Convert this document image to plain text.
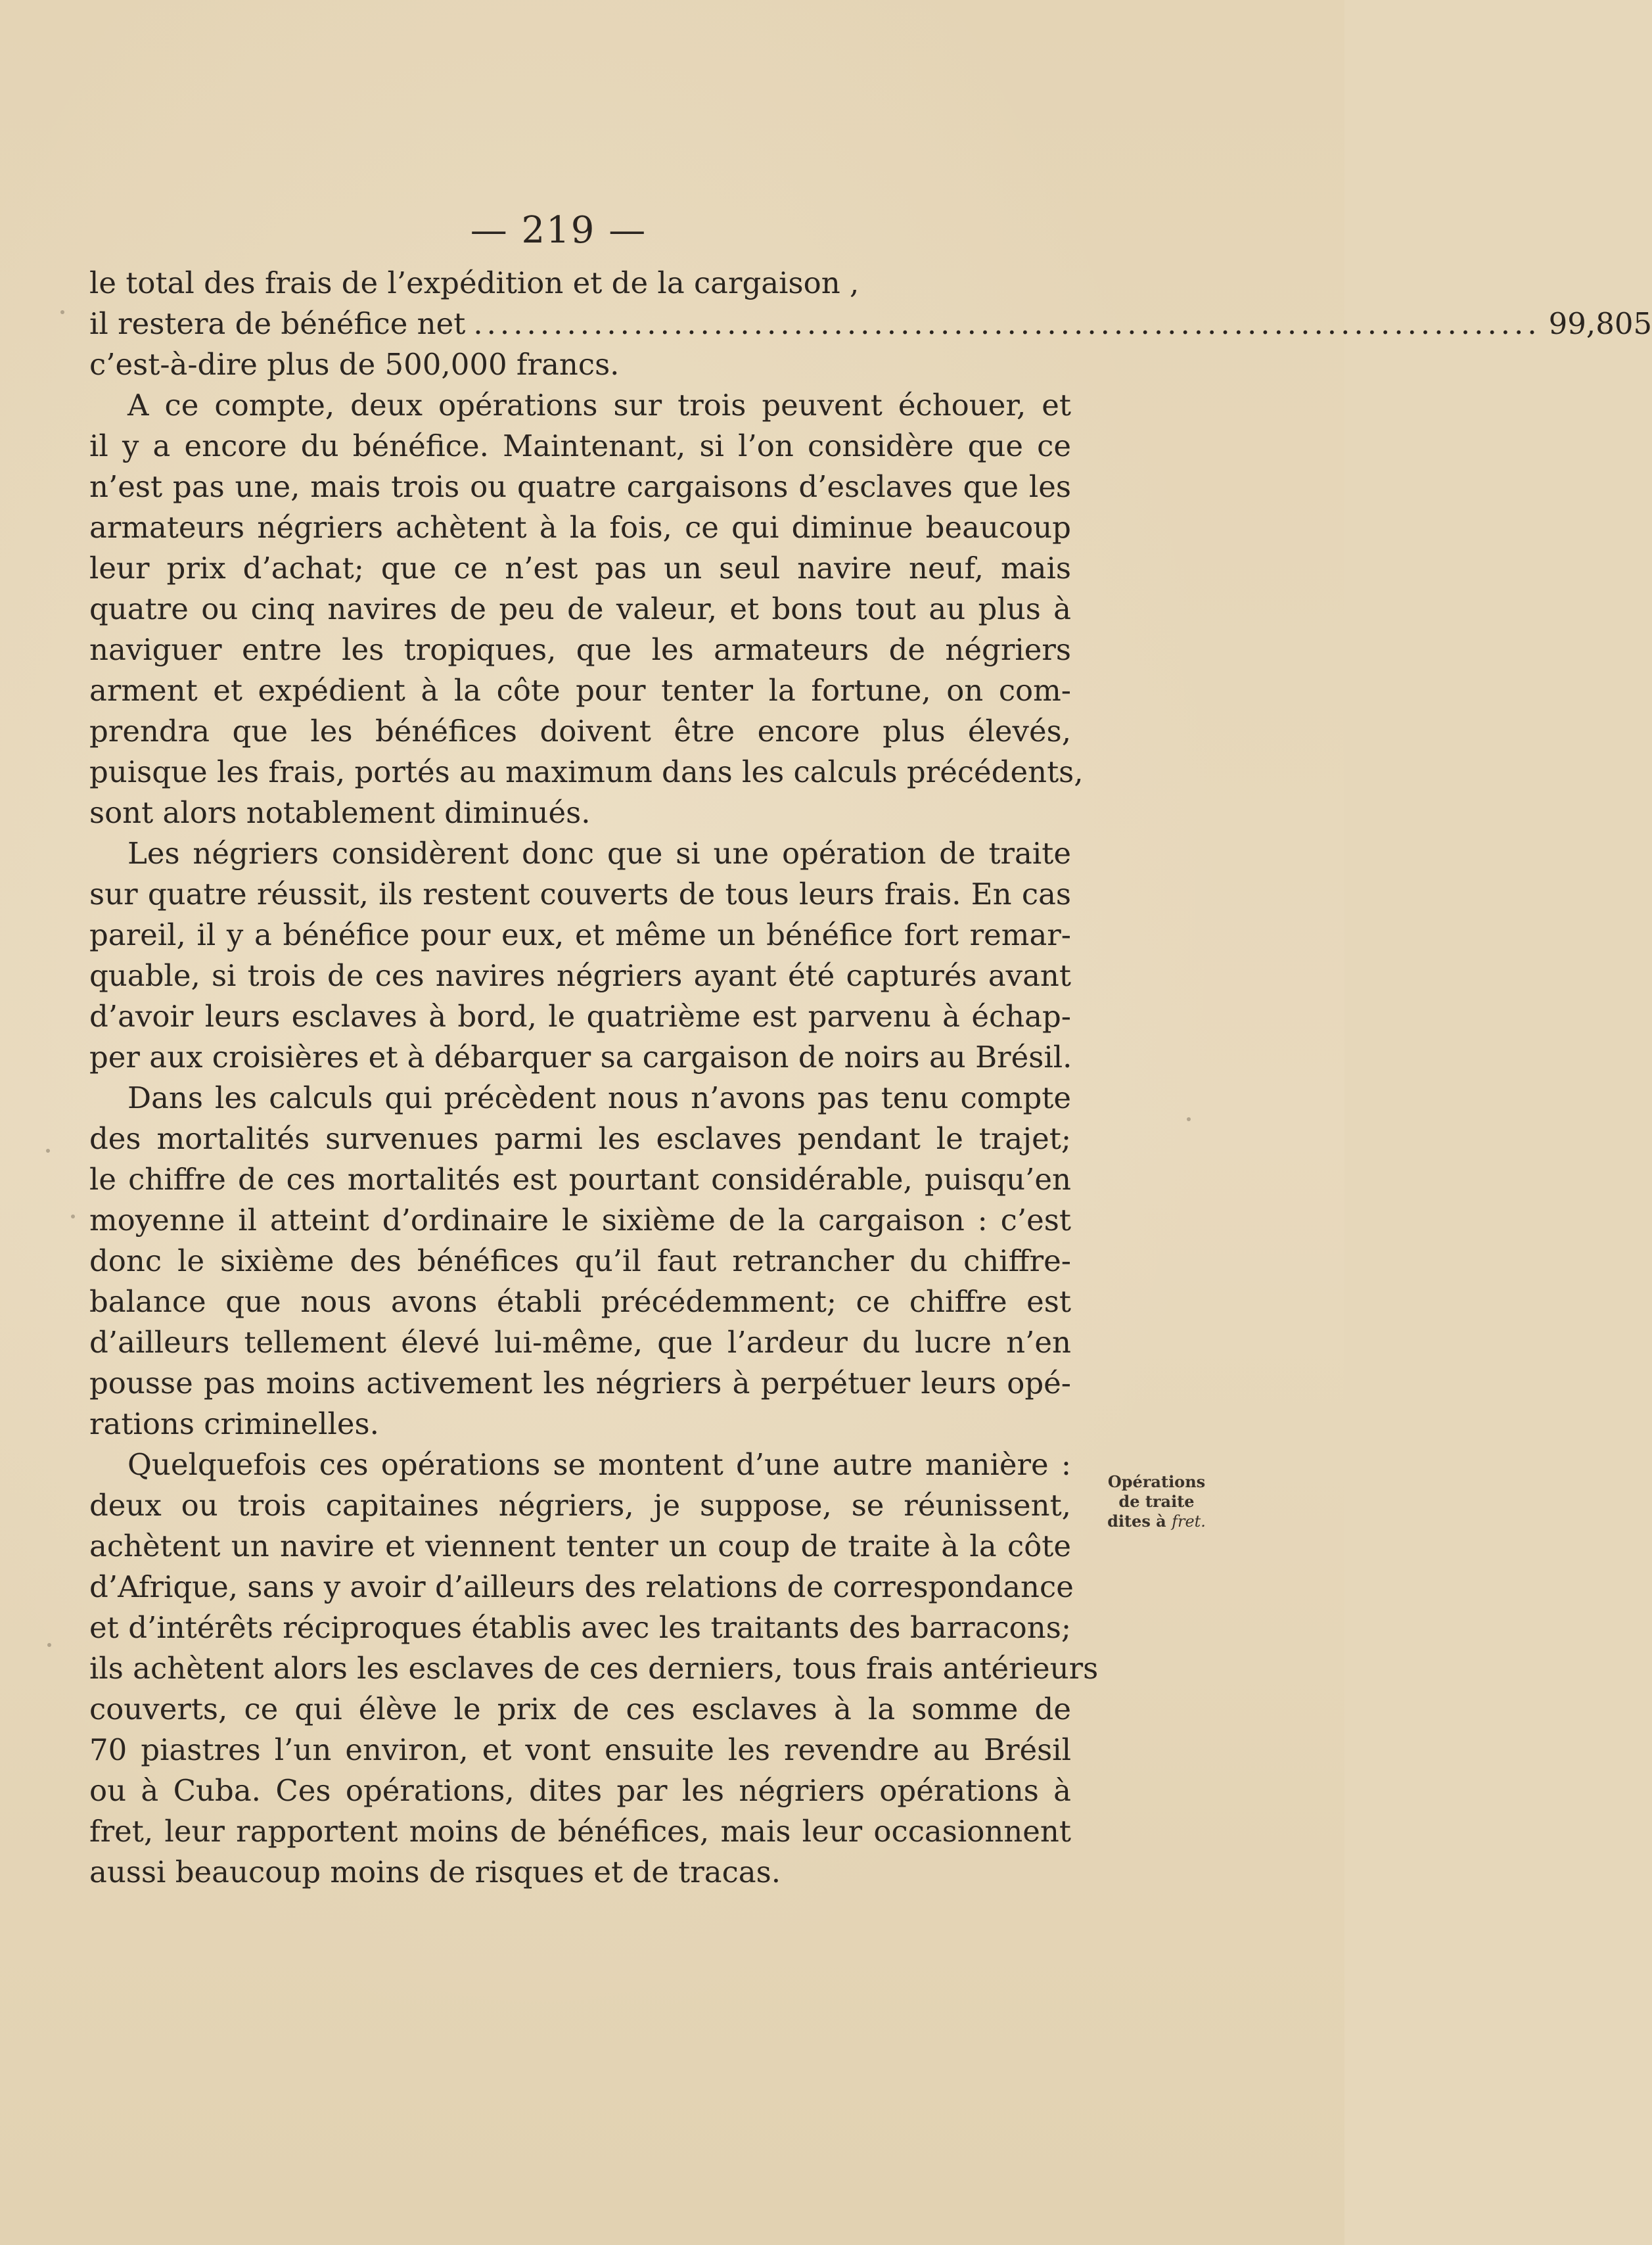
— 219 —
le total des frais de l’expédition et de la cargaison ,
il restera de bénéfice net ................................................................................ 99,805
c’est-à-dire plus de 500,000 francs.
A ce compte, deux opérations sur trois peuvent échouer, et
il y a encore du bénéfice. Maintenant, si l’on considère que ce
n’est pas une, mais trois ou quatre cargaisons d’esclaves que les
armateurs négriers achètent à la fois, ce qui diminue beaucoup
leur prix d’achat; que ce n’est pas un seul navire neuf, mais
quatre ou cinq navires de peu de valeur, et bons tout au plus à
naviguer entre les tropiques, que les armateurs de négriers
arment et expédient à la côte pour tenter la fortune, on com-
prendra que les bénéfices doivent être encore plus élevés,
puisque les frais, portés au maximum dans les calculs précédents,
sont alors notablement diminués.
Les négriers considèrent donc que si une opération de traite
sur quatre réussit, ils restent couverts de tous leurs frais. En cas
pareil, il y a bénéfice pour eux, et même un bénéfice fort remar-
quable, si trois de ces navires négriers ayant été capturés avant
d’avoir leurs esclaves à bord, le quatrième est parvenu à échap-
per aux croisières et à débarquer sa cargaison de noirs au Brésil.
Dans les calculs qui précèdent nous n’avons pas tenu compte
des mortalités survenues parmi les esclaves pendant le trajet;
le chiffre de ces mortalités est pourtant considérable, puisqu’en
moyenne il atteint d’ordinaire le sixième de la cargaison : c’est
donc le sixième des bénéfices qu’il faut retrancher du chiffre-
balance que nous avons établi précédemment; ce chiffre est
d’ailleurs tellement élevé lui-même, que l’ardeur du lucre n’en
pousse pas moins activement les négriers à perpétuer leurs opé-
rations criminelles.
Quelquefois ces opérations se montent d’une autre manière :
deux ou trois capitaines négriers, je suppose, se réunissent,
achètent un navire et viennent tenter un coup de traite à la côte
d’Afrique, sans y avoir d’ailleurs des relations de correspondance
et d’intérêts réciproques établis avec les traitants des barracons;
ils achètent alors les esclaves de ces derniers, tous frais antérieurs
couverts, ce qui élève le prix de ces esclaves à la somme de
70 piastres l’un environ, et vont ensuite les revendre au Brésil
ou à Cuba. Ces opérations, dites par les négriers opérations à
fret, leur rapportent moins de bénéfices, mais leur occasionnent
aussi beaucoup moins de risques et de tracas.
Opérations
de traite
dites à fret.
